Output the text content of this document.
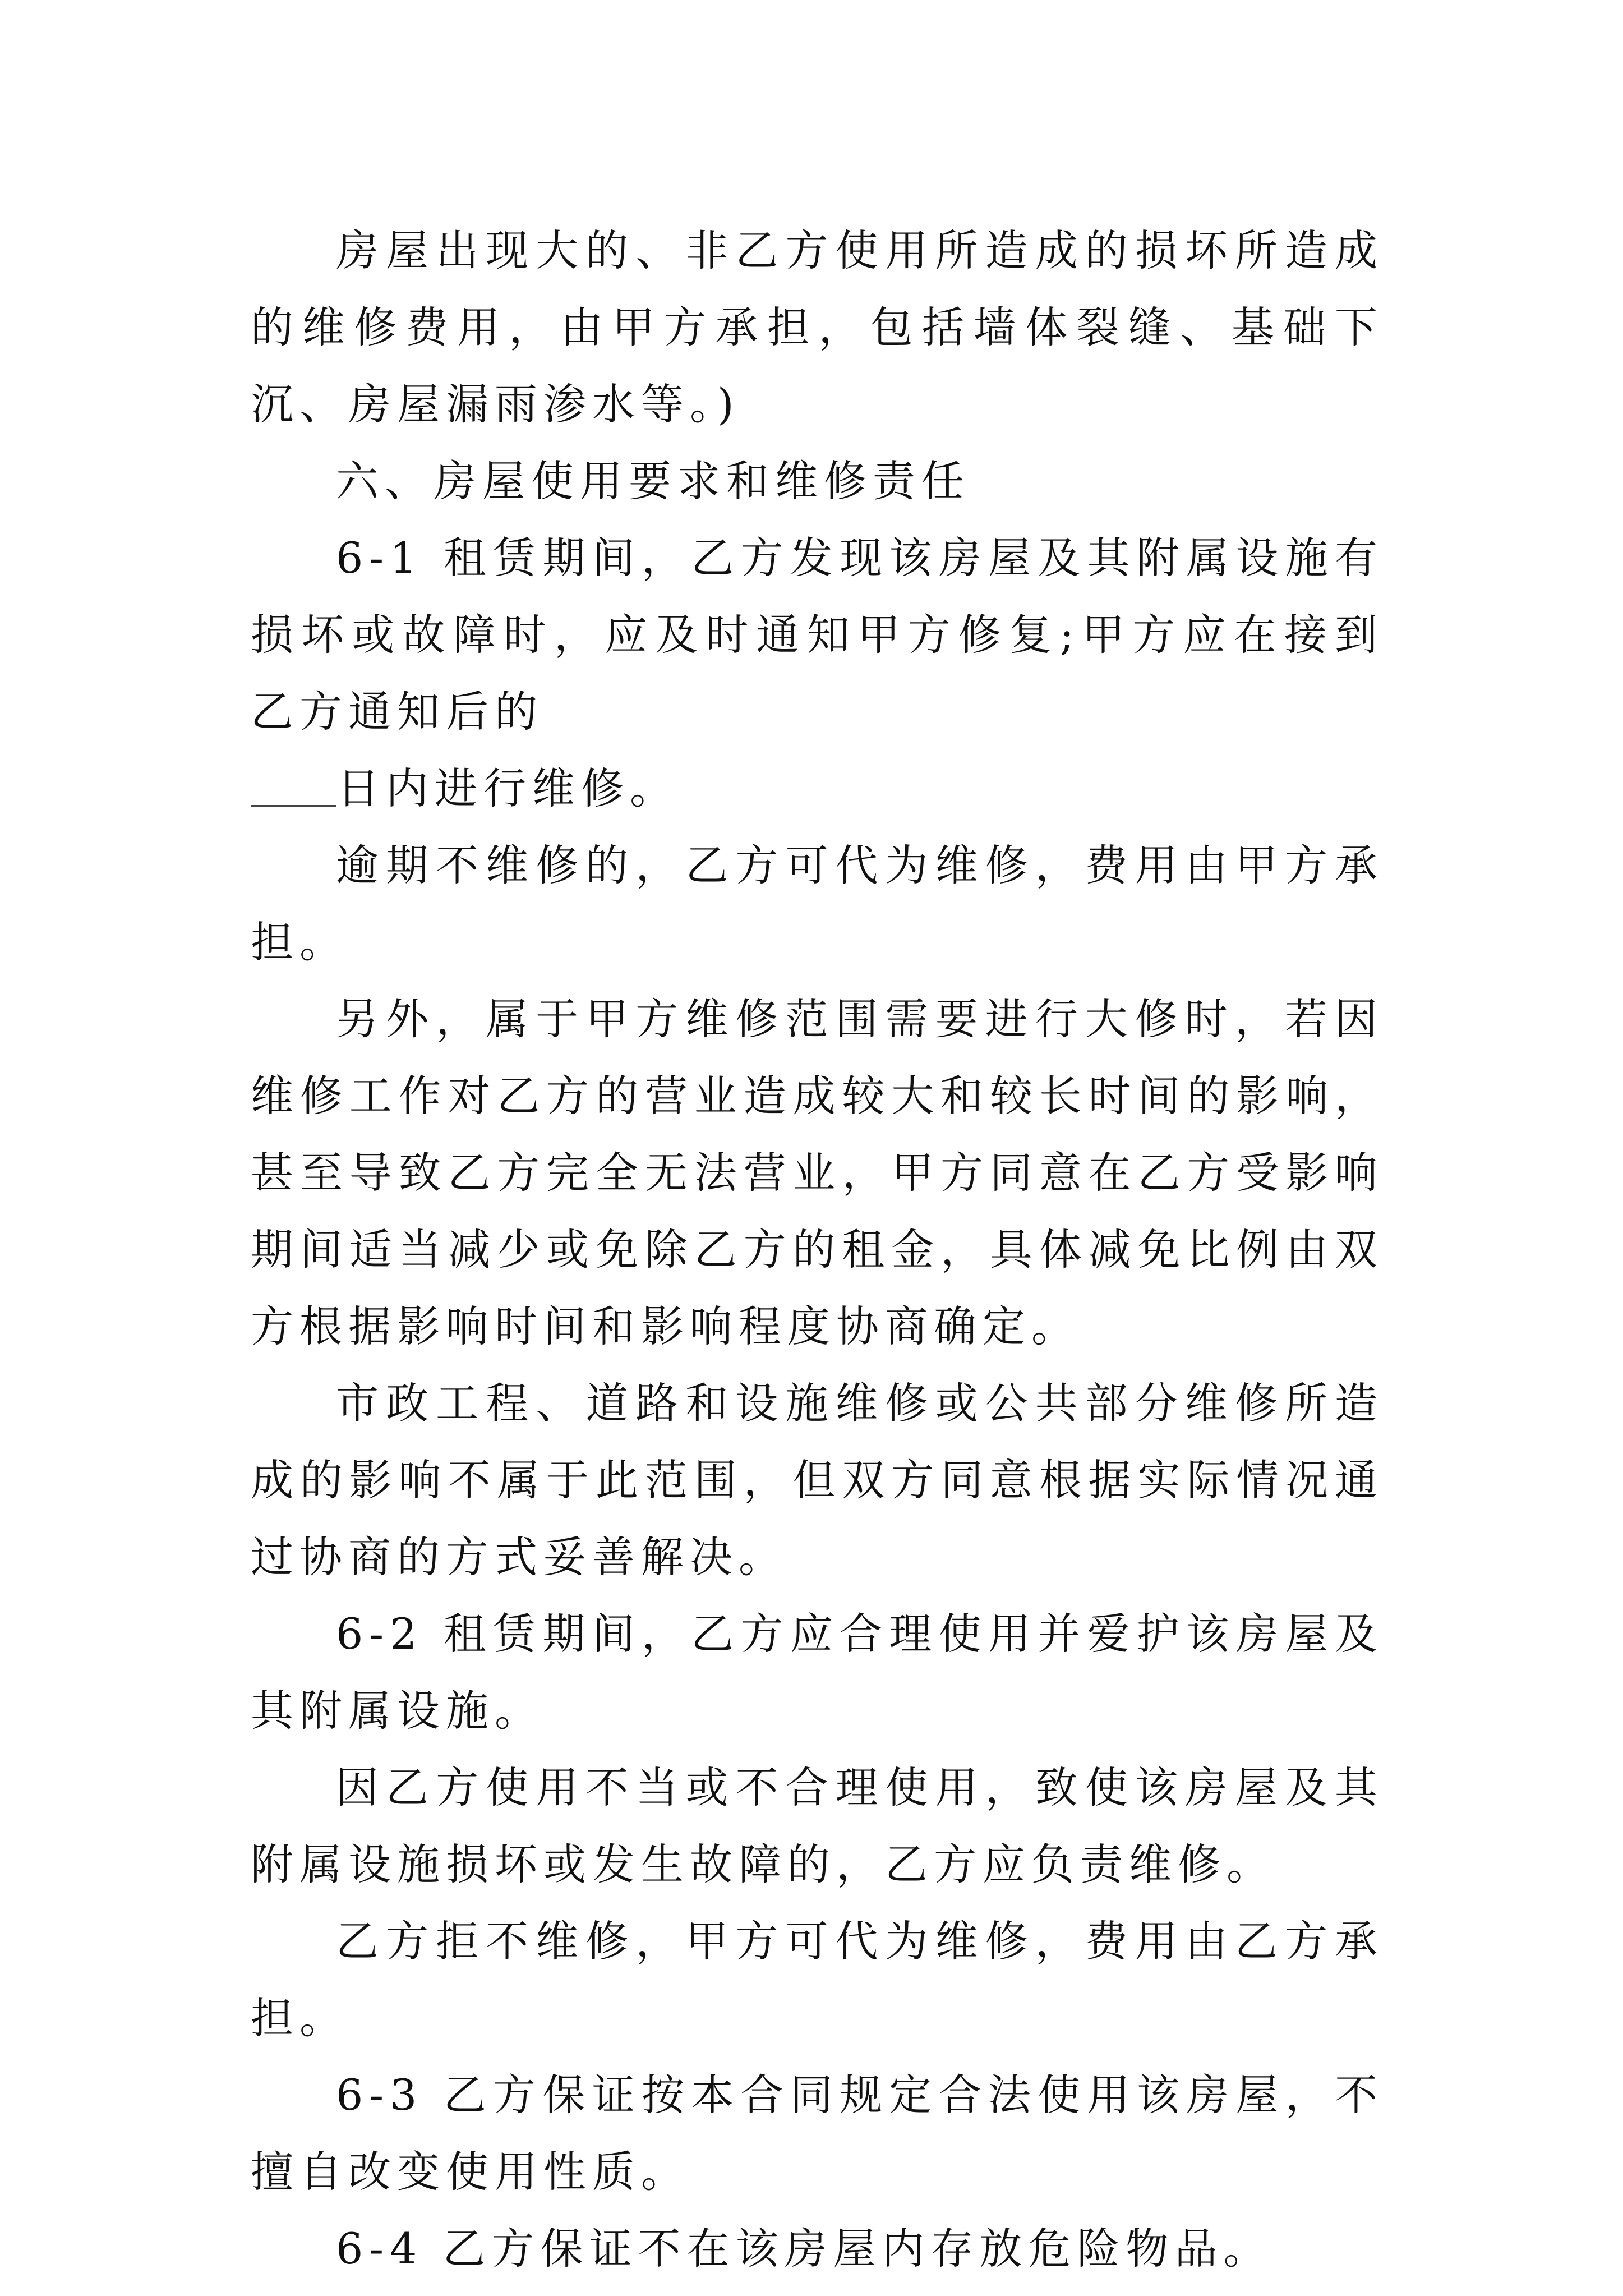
房屋出现大的、非乙方使用所造成的损坏所造成的维修费用，由甲方承担，包括墙体裂缝、基础下沉、房屋漏雨渗水等。)

六、房屋使用要求和维修责任

6-1 租赁期间，乙方发现该房屋及其附属设施有损坏或故障时，应及时通知甲方修复;甲方应在接到乙方通知后的
日内进行维修。

逾期不维修的，乙方可代为维修，费用由甲方承担。

另外，属于甲方维修范围需要进行大修时，若因维修工作对乙方的营业造成较大和较长时间的影响，甚至导致乙方完全无法营业，甲方同意在乙方受影响期间适当减少或免除乙方的租金，具体减免比例由双方根据影响时间和影响程度协商确定。

市政工程、道路和设施维修或公共部分维修所造成的影响不属于此范围，但双方同意根据实际情况通过协商的方式妥善解决。

6-2 租赁期间，乙方应合理使用并爱护该房屋及其附属设施。

因乙方使用不当或不合理使用，致使该房屋及其附属设施损坏或发生故障的，乙方应负责维修。

乙方拒不维修，甲方可代为维修，费用由乙方承担。

6-3 乙方保证按本合同规定合法使用该房屋，不擅自改变使用性质。

6-4 乙方保证不在该房屋内存放危险物品。
